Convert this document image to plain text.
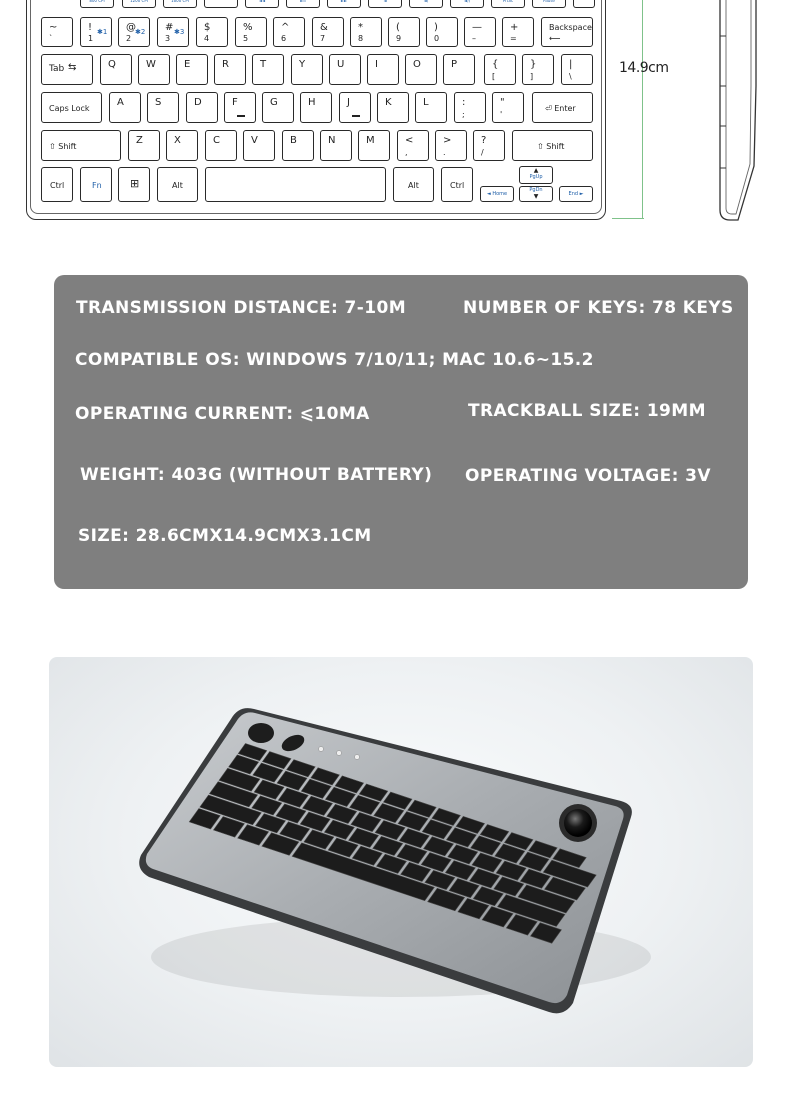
800 CPI	1200 CPI	1600 CPI	◄◄	►II	►►	◄	◄)	◄))	PrtSc	Pause
~
`
! ✱1
1
@ ✱2
2
# ✱3
3
$
4
%
5
^
6
&
7
*
8
(
9
)
0
—
–
+
=
Backspace
⟵
Tab ⇆	Q	W	E	R	T	Y	U	I	O	P	{
[
}
]
|
\
Caps Lock
A	S	D	F	G	H	J	K	L	:
;
"
'
⏎ Enter
⇧ Shift
Z	X	C	V	B	N	M	<
,
>
.
?
/
⇧ Shift
Ctrl	Fn	⊞	Alt	Alt	Ctrl
◄ Home
▲
PgUp
PgDn
▼	End ►
14.9cm
TRANSMISSION DISTANCE: 7-10M	NUMBER OF KEYS: 78 KEYS
COMPATIBLE OS: WINDOWS 7/10/11; MAC 10.6~15.2
OPERATING CURRENT: ⩽10MA	TRACKBALL SIZE: 19MM
WEIGHT: 403G (WITHOUT BATTERY) OPERATING VOLTAGE: 3V
SIZE: 28.6CMX14.9CMX3.1CM
